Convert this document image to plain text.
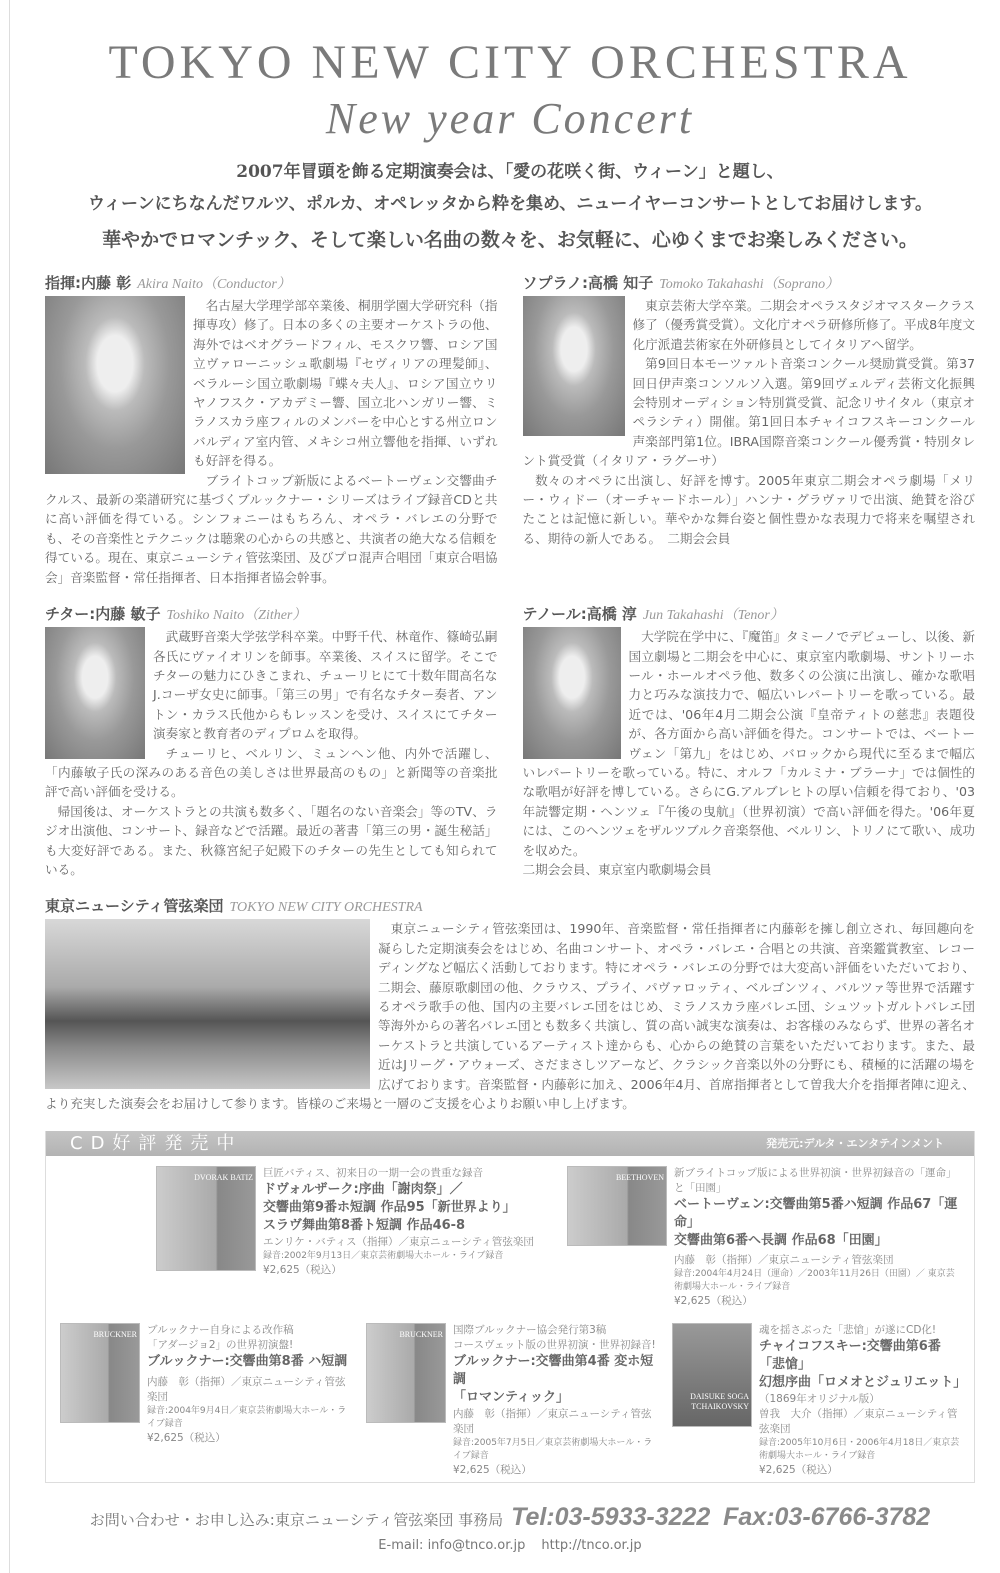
TOKYO NEW CITY ORCHESTRA
New year Concert
2007年冒頭を飾る定期演奏会は、「愛の花咲く街、ウィーン」と題し、
ウィーンにちなんだワルツ、ポルカ、オペレッタから粋を集め、ニューイヤーコンサートとしてお届けします。
華やかでロマンチック、そして楽しい名曲の数々を、お気軽に、心ゆくまでお楽しみください。
指揮:内藤 彰 Akira Naito（Conductor）

名古屋大学理学部卒業後、桐朋学園大学研究科（指揮専攻）修了。日本の多くの主要オーケストラの他、海外ではベオグラードフィル、モスクワ響、ロシア国立ヴァローニッシュ歌劇場『セヴィリアの理髪師』、ベラルーシ国立歌劇場『蝶々夫人』、ロシア国立ウリヤノフスク・アカデミー響、国立北ハンガリー響、ミラノスカラ座フィルのメンバーを中心とする州立ロンバルディア室内管、メキシコ州立響他を指揮、いずれも好評を得る。

ブライトコップ新版によるベートーヴェン交響曲チクルス、最新の楽譜研究に基づくブルックナー・シリーズはライブ録音CDと共に高い評価を得ている。シンフォニーはもちろん、オペラ・バレエの分野でも、その音楽性とテクニックは聴衆の心からの共感と、共演者の絶大なる信頼を得ている。現在、東京ニューシティ管弦楽団、及びプロ混声合唱団「東京合唱協会」音楽監督・常任指揮者、日本指揮者協会幹事。

ソプラノ:高橋 知子 Tomoko Takahashi（Soprano）

東京芸術大学卒業。二期会オペラスタジオマスタークラス修了（優秀賞受賞）。文化庁オペラ研修所修了。平成8年度文化庁派遣芸術家在外研修員としてイタリアへ留学。

第9回日本モーツァルト音楽コンクール奨励賞受賞。第37回日伊声楽コンソルソ入選。第9回ヴェルディ芸術文化振興会特別オーディション特別賞受賞、記念リサイタル（東京オペラシティ）開催。第1回日本チャイコフスキーコンクール声楽部門第1位。IBRA国際音楽コンクール優秀賞・特別タレント賞受賞（イタリア・ラグーサ）

数々のオペラに出演し、好評を博す。2005年東京二期会オペラ劇場「メリー・ウィドー（オーチャードホール）」ハンナ・グラヴァリで出演、絶賛を浴びたことは記憶に新しい。華やかな舞台姿と個性豊かな表現力で将来を嘱望される、期待の新人である。　二期会会員

チター:内藤 敏子 Toshiko Naito（Zither）

武蔵野音楽大学弦学科卒業。中野千代、林竜作、篠崎弘嗣各氏にヴァイオリンを師事。卒業後、スイスに留学。そこでチターの魅力にひきこまれ、チューリヒにて十数年間高名なJ.コーザ女史に師事。「第三の男」で有名なチター奏者、アントン・カラス氏他からもレッスンを受け、スイスにてチター演奏家と教育者のディプロムを取得。

チューリヒ、ベルリン、ミュンヘン他、内外で活躍し、「内藤敏子氏の深みのある音色の美しさは世界最高のもの」と新聞等の音楽批評で高い評価を受ける。

帰国後は、オーケストラとの共演も数多く、「題名のない音楽会」等のTV、ラジオ出演他、コンサート、録音などで活躍。最近の著書「第三の男・誕生秘話」も大変好評である。また、秋篠宮紀子妃殿下のチターの先生としても知られている。

テノール:高橋 淳 Jun Takahashi（Tenor）

大学院在学中に、『魔笛』タミーノでデビューし、以後、新国立劇場と二期会を中心に、東京室内歌劇場、サントリーホール・ホールオペラ他、数多くの公演に出演し、確かな歌唱力と巧みな演技力で、幅広いレパートリーを歌っている。最近では、'06年4月二期会公演『皇帝ティトの慈悲』表題役が、各方面から高い評価を得た。コンサートでは、ベートーヴェン「第九」をはじめ、バロックから現代に至るまで幅広いレパートリーを歌っている。特に、オルフ「カルミナ・ブラーナ」では個性的な歌唱が好評を博している。さらにG.アルブレヒトの厚い信頼を得ており、'03年読響定期・ヘンツェ『午後の曳航』（世界初演）で高い評価を得た。'06年夏には、このヘンツェをザルツブルク音楽祭他、ベルリン、トリノにて歌い、成功を収めた。

二期会会員、東京室内歌劇場会員

東京ニューシティ管弦楽団 TOKYO NEW CITY ORCHESTRA

東京ニューシティ管弦楽団は、1990年、音楽監督・常任指揮者に内藤彰を擁し創立され、毎回趣向を凝らした定期演奏会をはじめ、名曲コンサート、オペラ・バレエ・合唱との共演、音楽鑑賞教室、レコーディングなど幅広く活動しております。特にオペラ・バレエの分野では大変高い評価をいただいており、二期会、藤原歌劇団の他、クラウス、プライ、パヴァロッティ、ベルゴンツィ、バルツァ等世界で活躍するオペラ歌手の他、国内の主要バレエ団をはじめ、ミラノスカラ座バレエ団、シュツットガルトバレエ団等海外からの著名バレエ団とも数多く共演し、質の高い誠実な演奏は、お客様のみならず、世界の著名オーケストラと共演しているアーティスト達からも、心からの絶賛の言葉をいただいております。また、最近はJリーグ・アウォーズ、さだまさしツアーなど、クラシック音楽以外の分野にも、積極的に活躍の場を広げております。音楽監督・内藤彰に加え、2006年4月、首席指揮者として曽我大介を指揮者陣に迎え、より充実した演奏会をお届けして参ります。皆様のご来場と一層のご支援を心よりお願い申し上げます。

CD好評発売中	発売元:デルタ・エンタテインメント
DVORAK BATIZ 巨匠バティス、初来日の一期一会の貴重な録音
ドヴォルザーク:序曲「謝肉祭」／
交響曲第9番ホ短調 作品95「新世界より」
スラヴ舞曲第8番ト短調 作品46-8
エンリケ・バティス（指揮）／東京ニューシティ管弦楽団
録音:2002年9月13日／東京芸術劇場大ホール・ライブ録音
¥2,625（税込）
BEETHOVEN 新ブライトコップ版による世界初演・世界初録音の「運命」と「田園」
ベートーヴェン:交響曲第5番ハ短調 作品67「運命」
交響曲第6番ヘ長調 作品68「田園」
内藤　彰（指揮）／東京ニューシティ管弦楽団
録音:2004年4月24日（運命）／2003年11月26日（田園）／ 東京芸術劇場大ホール・ライブ録音
¥2,625（税込）
BRUCKNER ブルックナー自身による改作稿
「アダージョ2」の世界初演盤!
ブルックナー:交響曲第8番 ハ短調
内藤　彰（指揮）／東京ニューシティ管弦楽団
録音:2004年9月4日／東京芸術劇場大ホール・ライブ録音
¥2,625（税込）
BRUCKNER 国際ブルックナー協会発行第3稿
コースヴェット版の世界初演・世界初録音!
ブルックナー:交響曲第4番 変ホ短調
「ロマンティック」
内藤　彰（指揮）／東京ニューシティ管弦楽団
録音:2005年7月5日／東京芸術劇場大ホール・ライブ録音
¥2,625（税込）
DAISUKE SOGA TCHAIKOVSKY
魂を揺さぶった「悲愴」が遂にCD化!
チャイコフスキー:交響曲第6番「悲愴」
幻想序曲「ロメオとジュリエット」
（1869年オリジナル版）
曽我　大介（指揮）／東京ニューシティ管弦楽団
録音:2005年10月6日・2006年4月18日／東京芸術劇場大ホール・ライブ録音
¥2,625（税込）
お問い合わせ・お申し込み:東京ニューシティ管弦楽団 事務局 Tel:03-5933-3222 Fax:03-6766-3782
E-mail: info@tnco.or.jp http://tnco.or.jp
